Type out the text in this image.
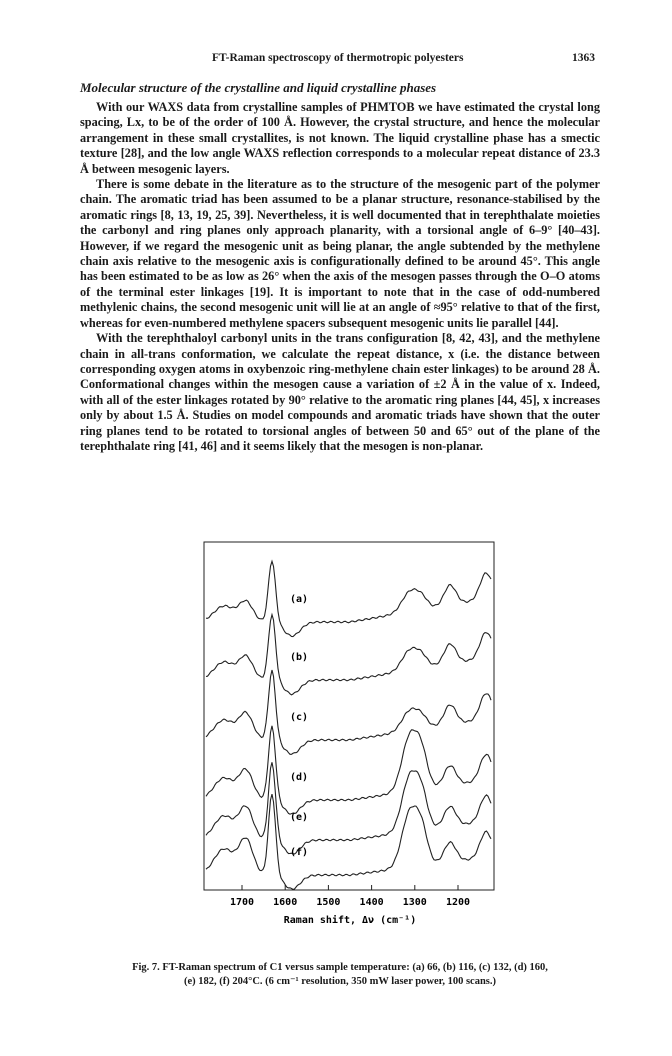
FT-Raman spectroscopy of thermotropic polyesters	1363
Molecular structure of the crystalline and liquid crystalline phases

With our WAXS data from crystalline samples of PHMTOB we have estimated the crystal long spacing, Lx, to be of the order of 100 Å. However, the crystal structure, and hence the molecular arrangement in these small crystallites, is not known. The liquid crystalline phase has a smectic texture [28], and the low angle WAXS reflection corresponds to a molecular repeat distance of 23.3 Å between mesogenic layers.

There is some debate in the literature as to the structure of the mesogenic part of the polymer chain. The aromatic triad has been assumed to be a planar structure, resonance-stabilised by the aromatic rings [8, 13, 19, 25, 39]. Nevertheless, it is well documented that in terephthalate moieties the carbonyl and ring planes only approach planarity, with a torsional angle of 6–9° [40–43]. However, if we regard the mesogenic unit as being planar, the angle subtended by the methylene chain axis relative to the mesogenic axis is configurationally defined to be around 45°. This angle has been estimated to be as low as 26° when the axis of the mesogen passes through the O–O atoms of the terminal ester linkages [19]. It is important to note that in the case of odd-numbered methylenic chains, the second mesogenic unit will lie at an angle of ≈95° relative to that of the first, whereas for even-numbered methylene spacers subsequent mesogenic units lie parallel [44].

With the terephthaloyl carbonyl units in the trans configuration [8, 42, 43], and the methylene chain in all-trans conformation, we calculate the repeat distance, x (i.e. the distance between corresponding oxygen atoms in oxybenzoic ring-methylene chain ester linkages) to be around 28 Å. Conformational changes within the mesogen cause a variation of ±2 Å in the value of x. Indeed, with all of the ester linkages rotated by 90° relative to the aromatic ring planes [44, 45], x increases only by about 1.5 Å. Studies on model compounds and aromatic triads have shown that the outer ring planes tend to be rotated to torsional angles of between 50 and 65° out of the plane of the terephthalate ring [41, 46] and it seems likely that the mesogen is non-planar.

(a)
(b)
(c)
(d)
(e)
(f)
1700 1600 1500 1400 1300 1200
Raman shift, Δν (cm⁻¹)

Fig. 7. FT-Raman spectrum of C1 versus sample temperature: (a) 66, (b) 116, (c) 132, (d) 160,

(e) 182, (f) 204°C. (6 cm⁻¹ resolution, 350 mW laser power, 100 scans.)
